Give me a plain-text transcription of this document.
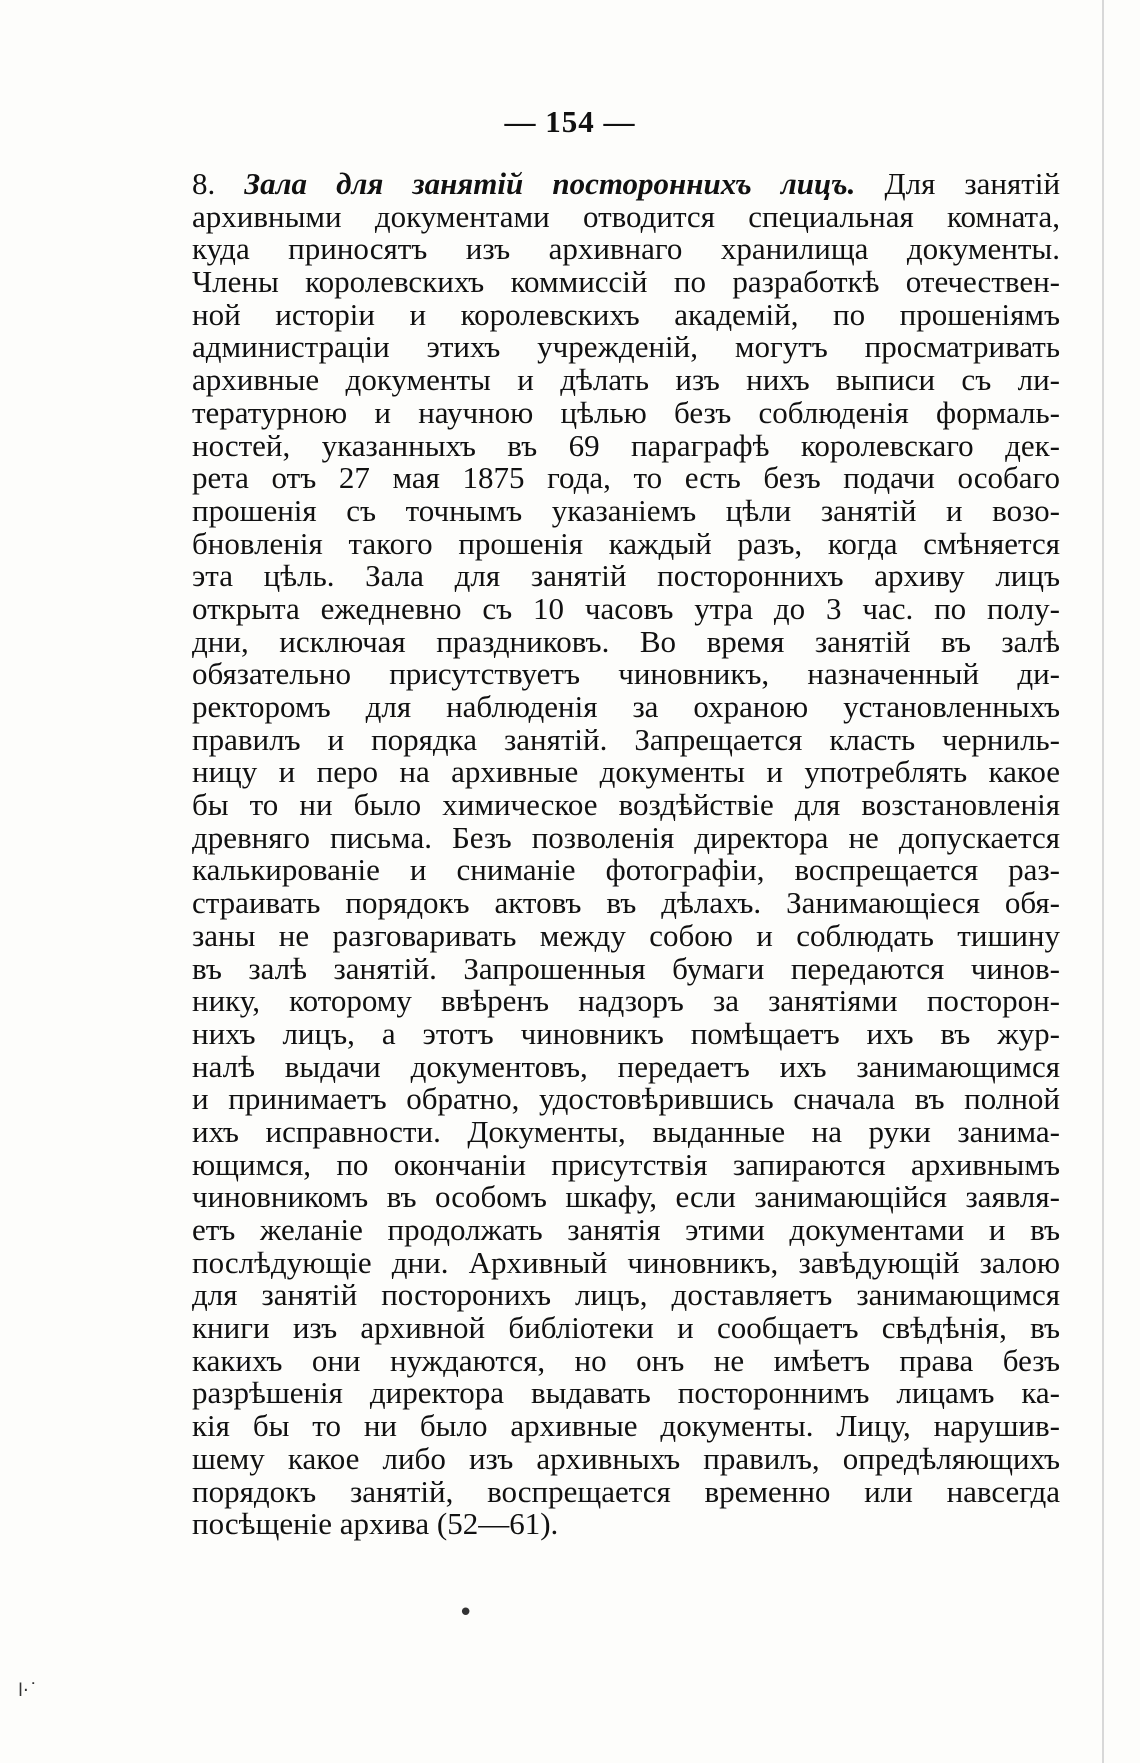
— 154 —
8. Зала для занятій постороннихъ лицъ. Для занятій
архивными документами отводится специальная комната,
куда приносятъ изъ архивнаго хранилища документы.
Члены королевскихъ коммиссій по разработкѣ отечествен-
ной исторіи и королевскихъ академій, по прошеніямъ
администраціи этихъ учрежденій, могутъ просматривать
архивные документы и дѣлать изъ нихъ выписи съ ли-
тературною и научною цѣлью безъ соблюденія формаль-
ностей, указанныхъ въ 69 параграфѣ королевскаго дек-
рета отъ 27 мая 1875 года, то есть безъ подачи особаго
прошенія съ точнымъ указаніемъ цѣли занятій и возо-
бновленія такого прошенія каждый разъ, когда смѣняется
эта цѣль. Зала для занятій постороннихъ архиву лицъ
открыта ежедневно съ 10 часовъ утра до 3 час. по полу-
дни, исключая праздниковъ. Во время занятій въ залѣ
обязательно присутствуетъ чиновникъ, назначенный ди-
ректоромъ для наблюденія за охраною установленныхъ
правилъ и порядка занятій. Запрещается класть черниль-
ницу и перо на архивные документы и употреблять какое
бы то ни было химическое воздѣйствіе для возстановленія
древняго письма. Безъ позволенія директора не допускается
калькированіе и сниманіе фотографіи, воспрещается раз-
страивать порядокъ актовъ въ дѣлахъ. Занимающіеся обя-
заны не разговаривать между собою и соблюдать тишину
въ залѣ занятій. Запрошенныя бумаги передаются чинов-
нику, которому ввѣренъ надзоръ за занятіями посторон-
нихъ лицъ, а этотъ чиновникъ помѣщаетъ ихъ въ жур-
налѣ выдачи документовъ, передаетъ ихъ занимающимся
и принимаетъ обратно, удостовѣрившись сначала въ полной
ихъ исправности. Документы, выданные на руки занима-
ющимся, по окончаніи присутствія запираются архивнымъ
чиновникомъ въ особомъ шкафу, если занимающійся заявля-
етъ желаніе продолжать занятія этими документами и въ
послѣдующіе дни. Архивный чиновникъ, завѣдующій залою
для занятій посторонихъ лицъ, доставляетъ занимающимся
книги изъ архивной библіотеки и сообщаетъ свѣдѣнія, въ
какихъ они нуждаются, но онъ не имѣетъ права безъ
разрѣшенія директора выдавать постороннимъ лицамъ ка-
кія бы то ни было архивные документы. Лицу, нарушив-
шему какое либо изъ архивныхъ правилъ, опредѣляющихъ
порядокъ занятій, воспрещается временно или навсегда
посѣщеніе архива (52—61).
•
ⅼ·˙
